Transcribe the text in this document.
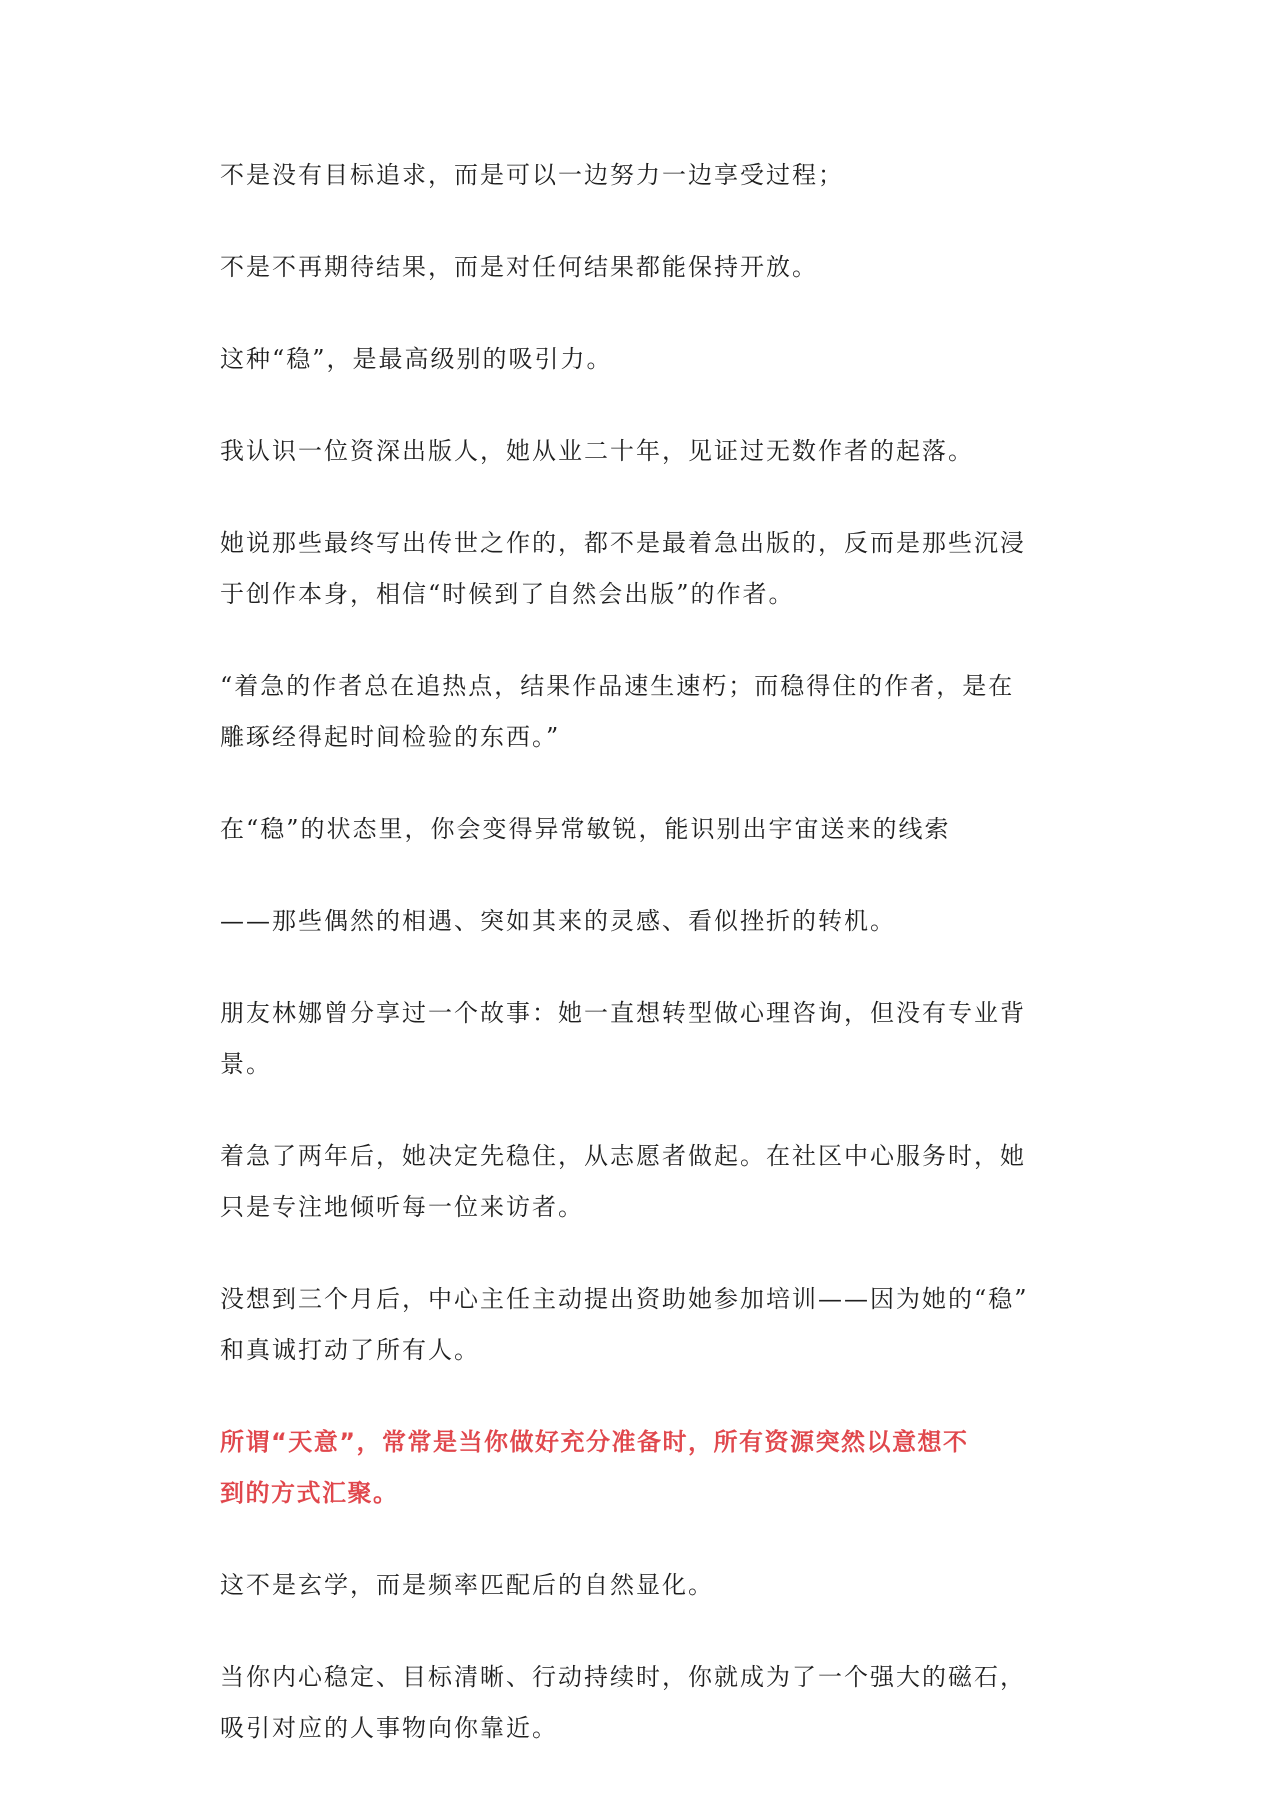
不是没有目标追求，而是可以一边努力一边享受过程；

不是不再期待结果，而是对任何结果都能保持开放。

这种“稳”，是最高级别的吸引力。

我认识一位资深出版人，她从业二十年，见证过无数作者的起落。

她说那些最终写出传世之作的，都不是最着急出版的，反而是那些沉浸
于创作本身，相信“时候到了自然会出版”的作者。

“着急的作者总在追热点，结果作品速生速朽；而稳得住的作者，是在
雕琢经得起时间检验的东西。”

在“稳”的状态里，你会变得异常敏锐，能识别出宇宙送来的线索

——那些偶然的相遇、突如其来的灵感、看似挫折的转机。

朋友林娜曾分享过一个故事：她一直想转型做心理咨询，但没有专业背
景。

着急了两年后，她决定先稳住，从志愿者做起。在社区中心服务时，她
只是专注地倾听每一位来访者。

没想到三个月后，中心主任主动提出资助她参加培训——因为她的“稳”
和真诚打动了所有人。

所谓“天意”，常常是当你做好充分准备时，所有资源突然以意想不
到的方式汇聚。

这不是玄学，而是频率匹配后的自然显化。

当你内心稳定、目标清晰、行动持续时，你就成为了一个强大的磁石，
吸引对应的人事物向你靠近。
